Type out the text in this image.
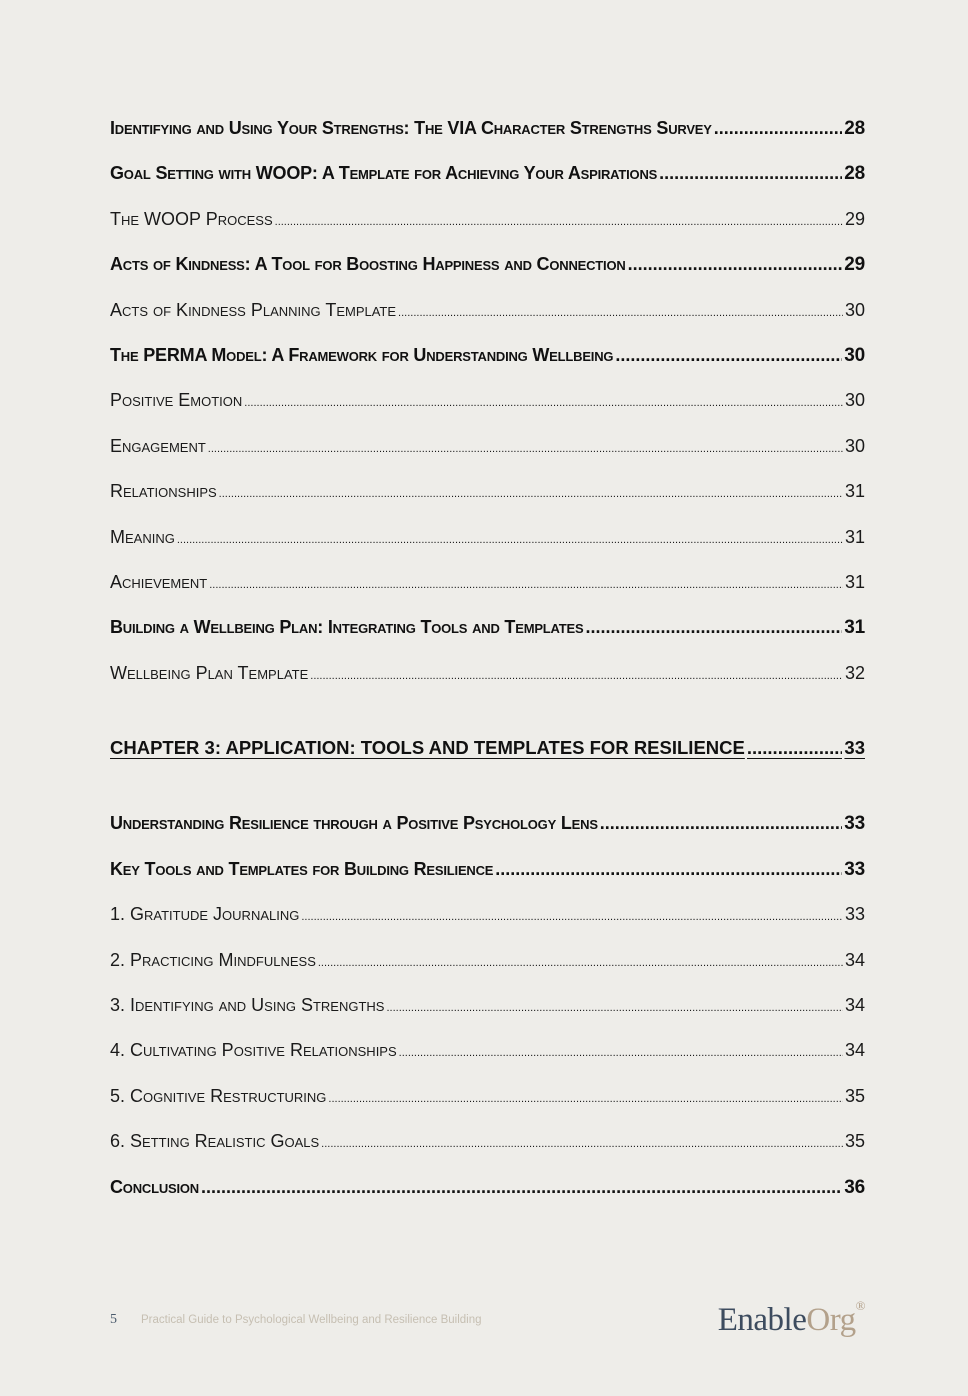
Identifying and Using Your Strengths: The VIA Character Strengths Survey .....	28
Goal Setting with WOOP: A Template for Achieving Your Aspirations .....	28
The WOOP Process .....	29
Acts of Kindness: A Tool for Boosting Happiness and Connection .....	29
Acts of Kindness Planning Template .....	30
The PERMA Model: A Framework for Understanding Wellbeing .....	30
Positive Emotion .....	30
Engagement .....	30
Relationships .....	31
Meaning .....	31
Achievement .....	31
Building a Wellbeing Plan: Integrating Tools and Templates .....	31
Wellbeing Plan Template .....	32
CHAPTER 3: APPLICATION: TOOLS AND TEMPLATES FOR RESILIENCE .....	33
Understanding Resilience through a Positive Psychology Lens .....	33
Key Tools and Templates for Building Resilience .....	33
1. Gratitude Journaling .....	33
2. Practicing Mindfulness .....	34
3. Identifying and Using Strengths .....	34
4. Cultivating Positive Relationships .....	34
5. Cognitive Restructuring .....	35
6. Setting Realistic Goals .....	35
Conclusion .....	36
5 Practical Guide to Psychological Wellbeing and Resilience Building	EnableOrg®
